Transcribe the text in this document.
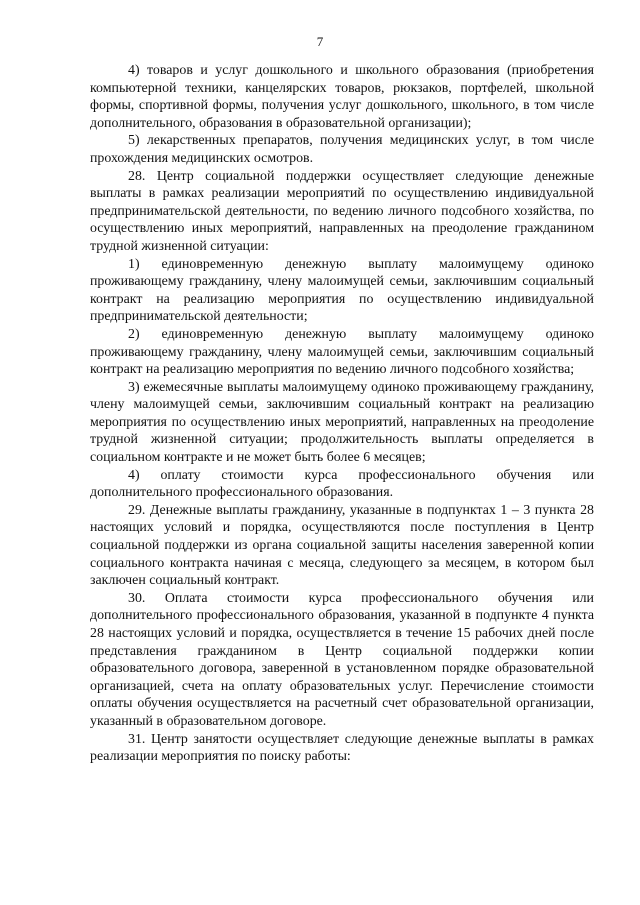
7

4) товаров и услуг дошкольного и школьного образования (приобретения компьютерной техники, канцелярских товаров, рюкзаков, портфелей, школьной формы, спортивной формы, получения услуг дошкольного, школьного, в том числе дополнительного, образования в образовательной организации);

5) лекарственных препаратов, получения медицинских услуг, в том числе прохождения медицинских осмотров.

28. Центр социальной поддержки осуществляет следующие денежные выплаты в рамках реализации мероприятий по осуществлению индивидуальной предпринимательской деятельности, по ведению личного подсобного хозяйства, по осуществлению иных мероприятий, направленных на преодоление гражданином трудной жизненной ситуации:

1) единовременную денежную выплату малоимущему одиноко проживающему гражданину, члену малоимущей семьи, заключившим социальный контракт на реализацию мероприятия по осуществлению индивидуальной предпринимательской деятельности;

2) единовременную денежную выплату малоимущему одиноко проживающему гражданину, члену малоимущей семьи, заключившим социальный контракт на реализацию мероприятия по ведению личного подсобного хозяйства;

3) ежемесячные выплаты малоимущему одиноко проживающему гражданину, члену малоимущей семьи, заключившим социальный контракт на реализацию мероприятия по осуществлению иных мероприятий, направленных на преодоление трудной жизненной ситуации; продолжительность выплаты определяется в социальном контракте и не может быть более 6 месяцев;

4) оплату стоимости курса профессионального обучения или дополнительного профессионального образования.

29. Денежные выплаты гражданину, указанные в подпунктах 1 – 3 пункта 28 настоящих условий и порядка, осуществляются после поступления в Центр социальной поддержки из органа социальной защиты населения заверенной копии социального контракта начиная с месяца, следующего за месяцем, в котором был заключен социальный контракт.

30. Оплата стоимости курса профессионального обучения или дополнительного профессионального образования, указанной в подпункте 4 пункта 28 настоящих условий и порядка, осуществляется в течение 15 рабочих дней после представления гражданином в Центр социальной поддержки копии образовательного договора, заверенной в установленном порядке образовательной организацией, счета на оплату образовательных услуг. Перечисление стоимости оплаты обучения осуществляется на расчетный счет образовательной организации, указанный в образовательном договоре.

31. Центр занятости осуществляет следующие денежные выплаты в рамках реализации мероприятия по поиску работы:
